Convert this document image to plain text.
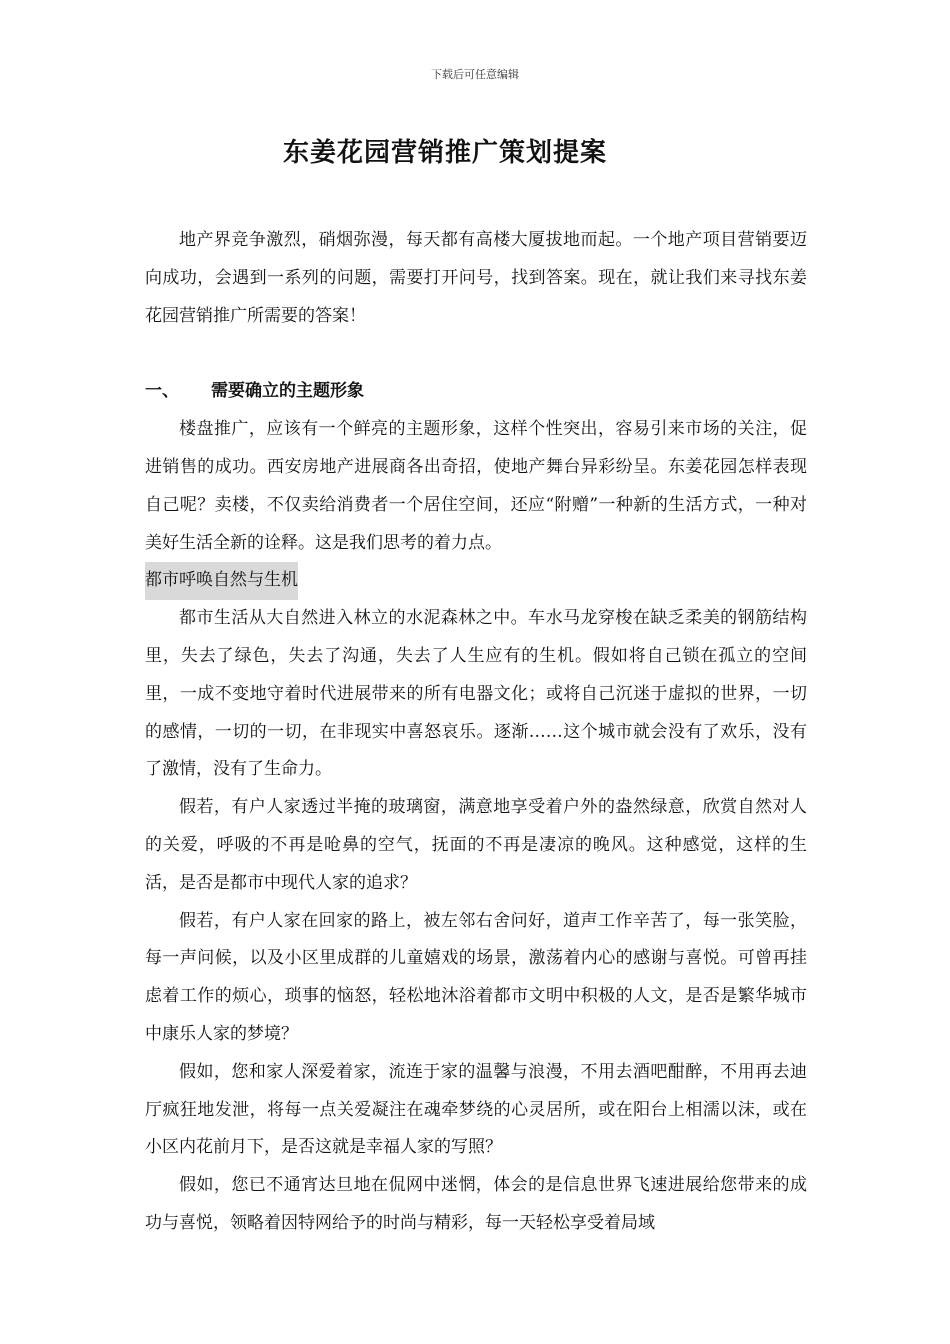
下载后可任意编辑
东姜花园营销推广策划提案

地产界竞争激烈，硝烟弥漫，每天都有高楼大厦拔地而起。一个地产项目营销要迈向成功，会遇到一系列的问题，需要打开问号，找到答案。现在，就让我们来寻找东姜花园营销推广所需要的答案！

一、 需要确立的主题形象

楼盘推广，应该有一个鲜亮的主题形象，这样个性突出，容易引来市场的关注，促进销售的成功。西安房地产进展商各出奇招，使地产舞台异彩纷呈。东姜花园怎样表现自己呢？卖楼，不仅卖给消费者一个居住空间，还应“附赠”一种新的生活方式，一种对美好生活全新的诠释。这是我们思考的着力点。

都市呼唤自然与生机

都市生活从大自然进入林立的水泥森林之中。车水马龙穿梭在缺乏柔美的钢筋结构里，失去了绿色，失去了沟通，失去了人生应有的生机。假如将自己锁在孤立的空间里，一成不变地守着时代进展带来的所有电器文化；或将自己沉迷于虚拟的世界，一切的感情，一切的一切，在非现实中喜怒哀乐。逐渐……这个城市就会没有了欢乐，没有了激情，没有了生命力。

假若，有户人家透过半掩的玻璃窗，满意地享受着户外的盎然绿意，欣赏自然对人的关爱，呼吸的不再是呛鼻的空气，抚面的不再是凄凉的晚风。这种感觉，这样的生活，是否是都市中现代人家的追求？

假若，有户人家在回家的路上，被左邻右舍问好，道声工作辛苦了，每一张笑脸，每一声问候，以及小区里成群的儿童嬉戏的场景，激荡着内心的感谢与喜悦。可曾再挂虑着工作的烦心，琐事的恼怒，轻松地沐浴着都市文明中积极的人文，是否是繁华城市中康乐人家的梦境？

假如，您和家人深爱着家，流连于家的温馨与浪漫，不用去酒吧酣醉，不用再去迪厅疯狂地发泄，将每一点关爱凝注在魂牵梦绕的心灵居所，或在阳台上相濡以沫，或在小区内花前月下，是否这就是幸福人家的写照？

假如，您已不通宵达旦地在侃网中迷惘，体会的是信息世界飞速进展给您带来的成功与喜悦，领略着因特网给予的时尚与精彩，每一天轻松享受着局域
